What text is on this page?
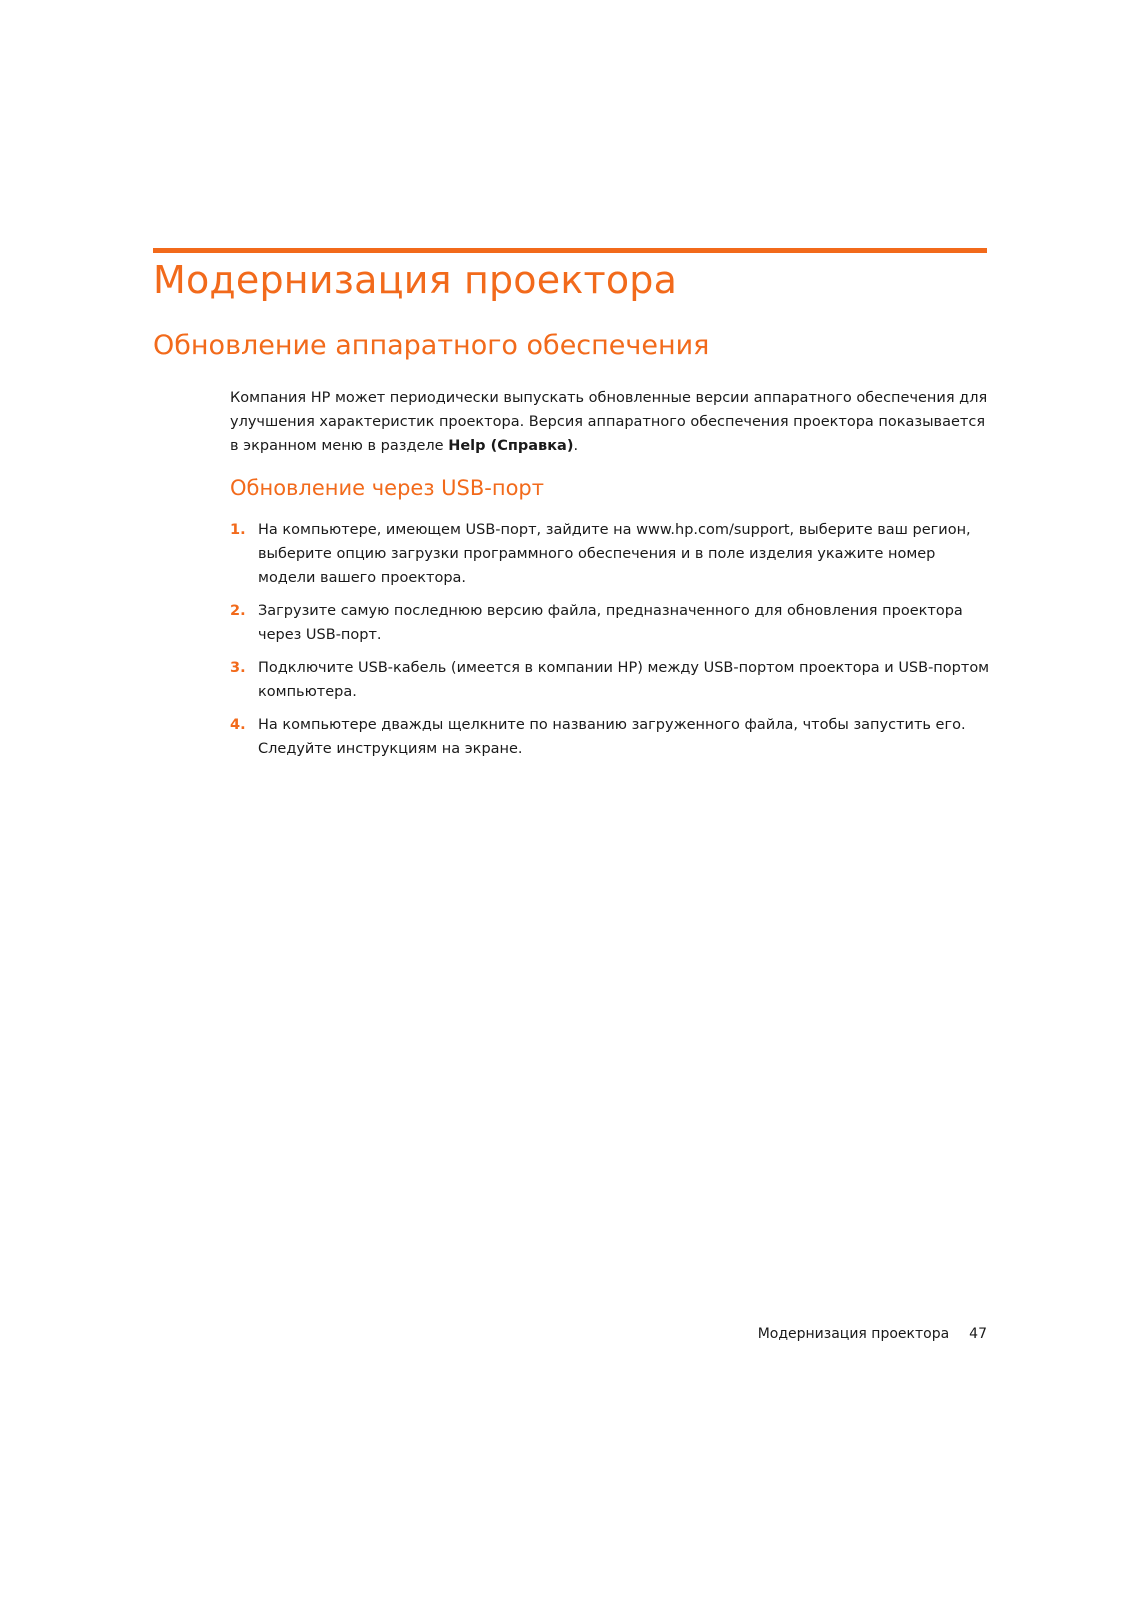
Модернизация проектора
Обновление аппаратного обеспечения

Компания HP может периодически выпускать обновленные версии аппаратного обеспечения для улучшения характеристик проектора. Версия аппаратного обеспечения проектора показывается в экранном меню в разделе Help (Справка).

Обновление через USB-порт
1. На компьютере, имеющем USB-порт, зайдите на www.hp.com/support, выберите ваш регион, выберите опцию загрузки программного обеспечения и в поле изделия укажите номер модели вашего проектора.
2. Загрузите самую последнюю версию файла, предназначенного для обновления проектора через USB-порт.
3. Подключите USB-кабель (имеется в компании HP) между USB-портом проектора и USB-портом компьютера.
4. На компьютере дважды щелкните по названию загруженного файла, чтобы запустить его. Следуйте инструкциям на экране.
Модернизация проектора 47
